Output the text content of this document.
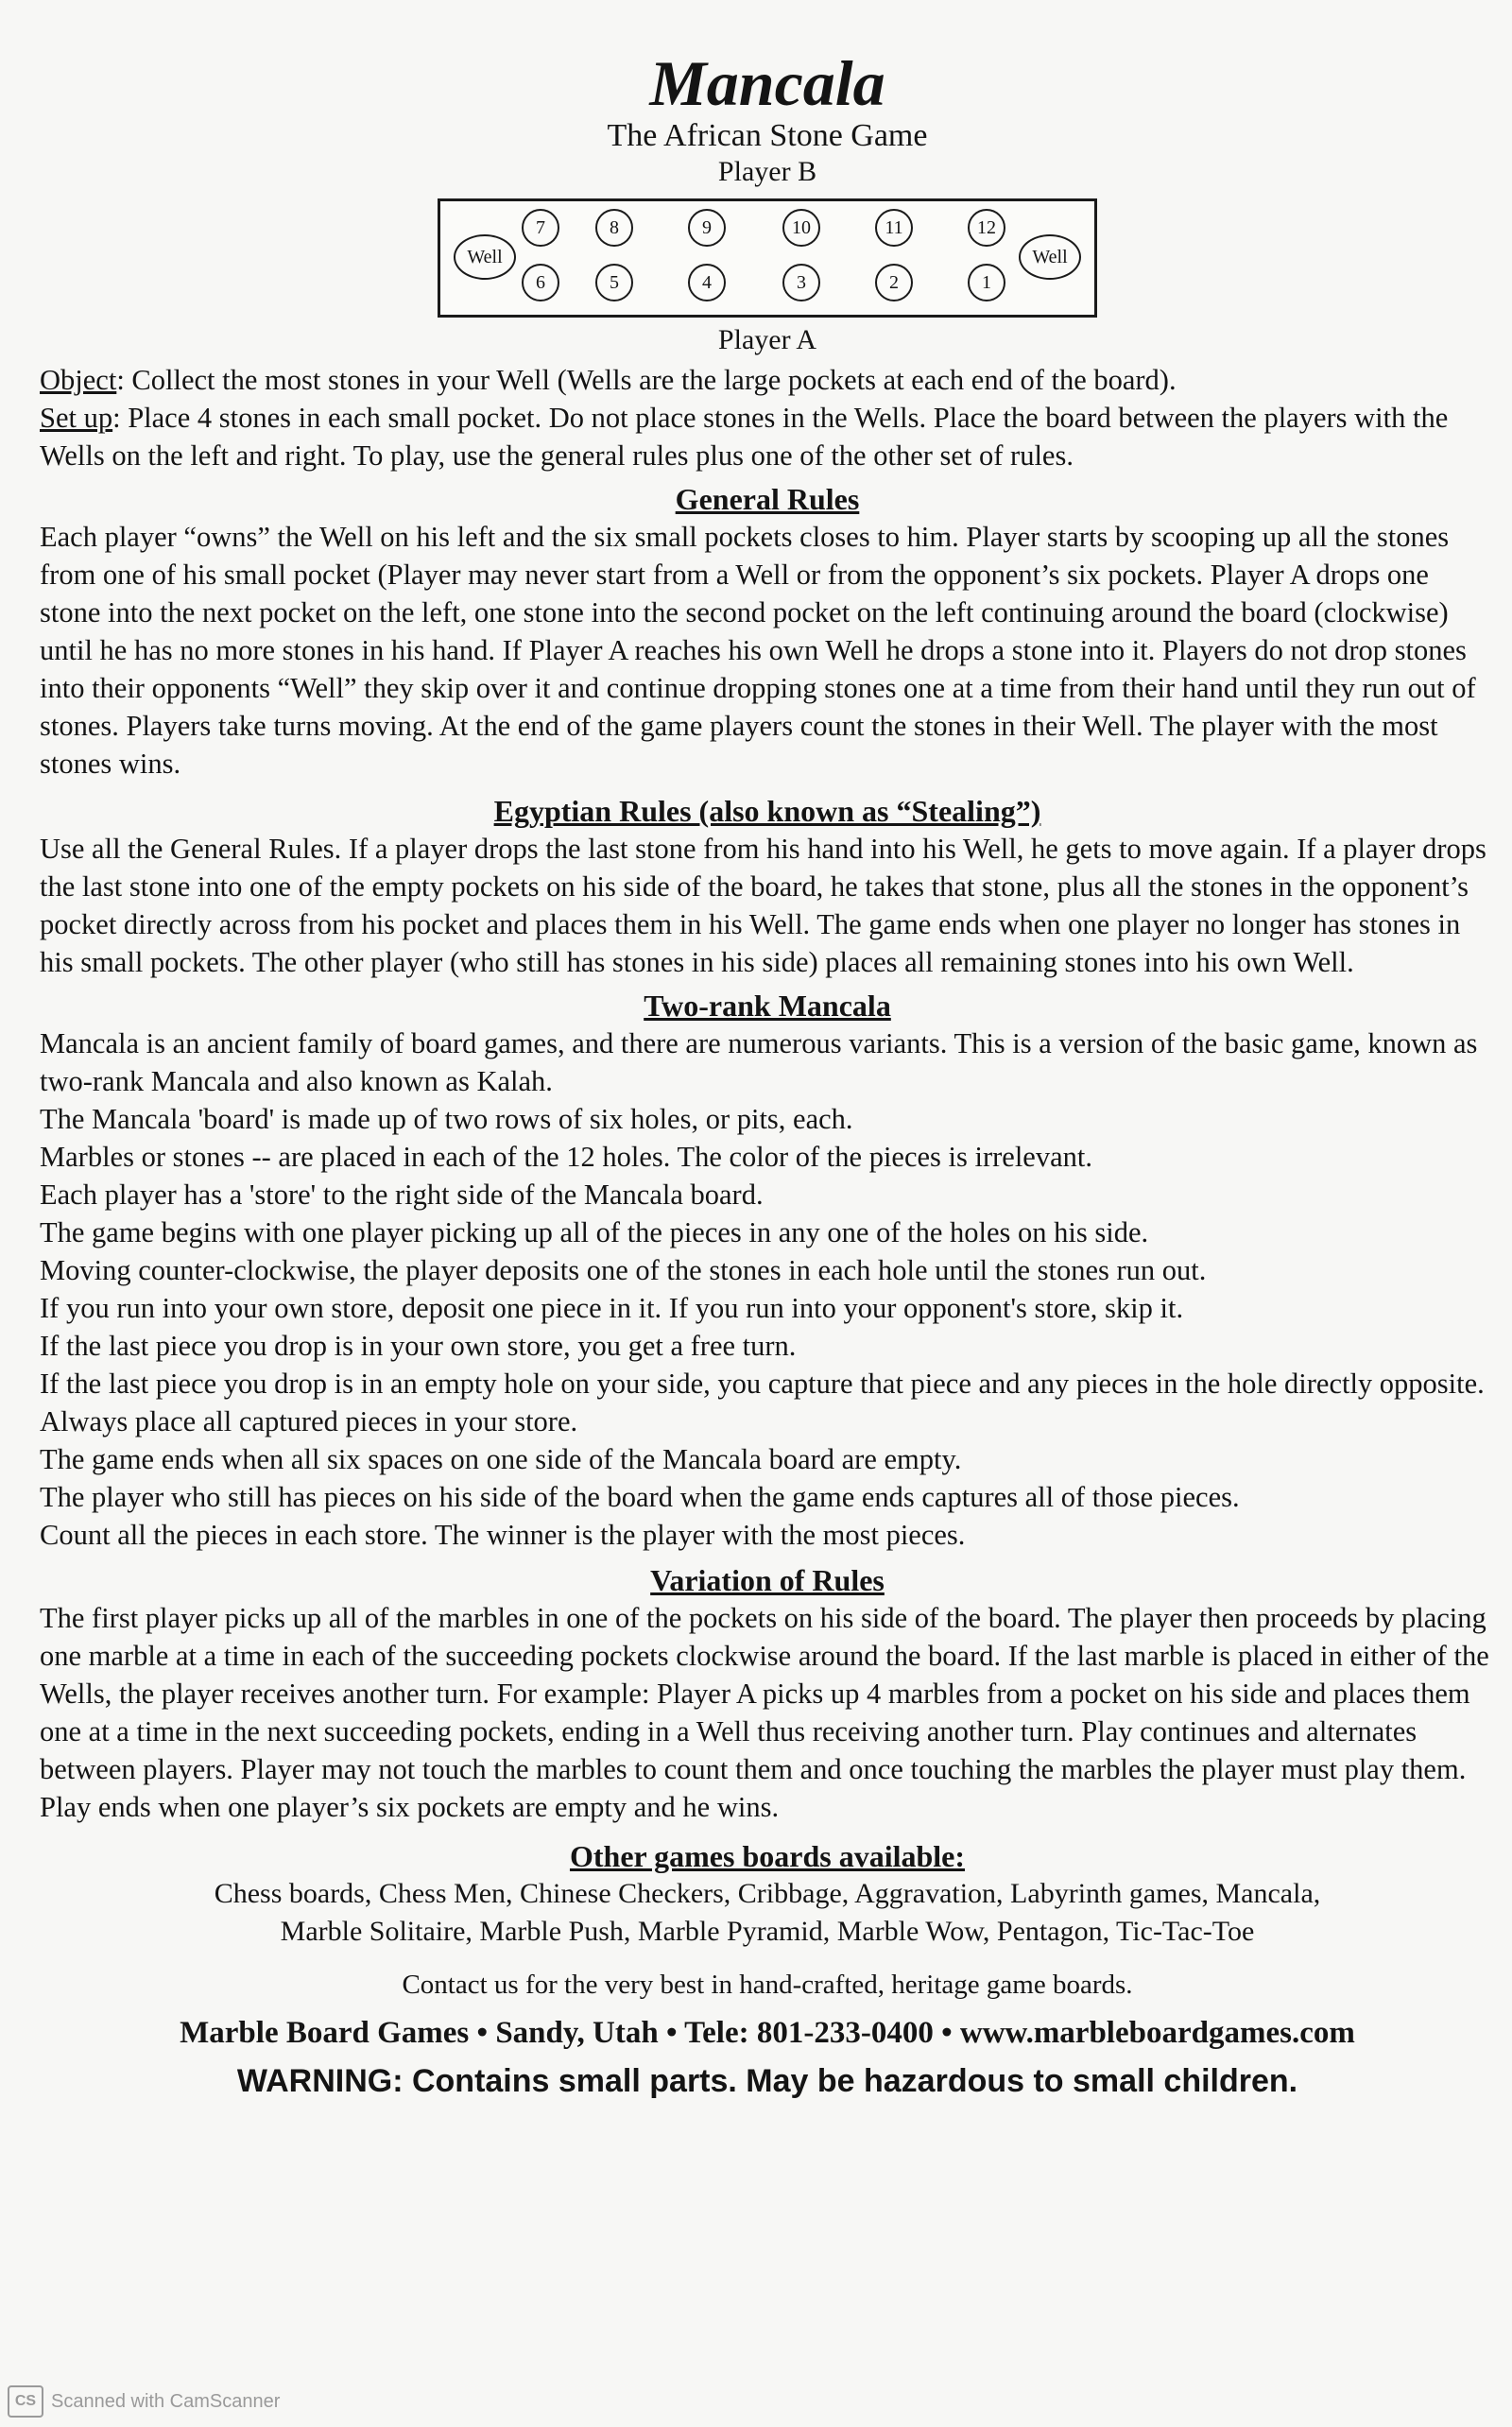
Mancala
The African Stone Game
Player B
Well	Well
7	8	9	10	11	12
6	5	4	3	2	1
Player A

Object: Collect the most stones in your Well (Wells are the large pockets at each end of the board).

Set up: Place 4 stones in each small pocket. Do not place stones in the Wells. Place the board between the players with the Wells on the left and right. To play, use the general rules plus one of the other set of rules.

General Rules

Each player “owns” the Well on his left and the six small pockets closes to him. Player starts by scooping up all the stones from one of his small pocket (Player may never start from a Well or from the opponent’s six pockets. Player A drops one stone into the next pocket on the left, one stone into the second pocket on the left continuing around the board (clockwise) until he has no more stones in his hand. If Player A reaches his own Well he drops a stone into it. Players do not drop stones into their opponents “Well” they skip over it and continue dropping stones one at a time from their hand until they run out of stones. Players take turns moving. At the end of the game players count the stones in their Well. The player with the most stones wins.

Egyptian Rules (also known as “Stealing”)

Use all the General Rules. If a player drops the last stone from his hand into his Well, he gets to move again. If a player drops the last stone into one of the empty pockets on his side of the board, he takes that stone, plus all the stones in the opponent’s pocket directly across from his pocket and places them in his Well. The game ends when one player no longer has stones in his small pockets. The other player (who still has stones in his side) places all remaining stones into his own Well.

Two-rank Mancala

Mancala is an ancient family of board games, and there are numerous variants. This is a version of the basic game, known as two-rank Mancala and also known as Kalah.

The Mancala 'board' is made up of two rows of six holes, or pits, each.

Marbles or stones -- are placed in each of the 12 holes. The color of the pieces is irrelevant.

Each player has a 'store' to the right side of the Mancala board.

The game begins with one player picking up all of the pieces in any one of the holes on his side.

Moving counter-clockwise, the player deposits one of the stones in each hole until the stones run out.

If you run into your own store, deposit one piece in it. If you run into your opponent's store, skip it.

If the last piece you drop is in your own store, you get a free turn.

If the last piece you drop is in an empty hole on your side, you capture that piece and any pieces in the hole directly opposite.

Always place all captured pieces in your store.

The game ends when all six spaces on one side of the Mancala board are empty.

The player who still has pieces on his side of the board when the game ends captures all of those pieces.

Count all the pieces in each store. The winner is the player with the most pieces.

Variation of Rules

The first player picks up all of the marbles in one of the pockets on his side of the board. The player then proceeds by placing one marble at a time in each of the succeeding pockets clockwise around the board. If the last marble is placed in either of the Wells, the player receives another turn. For example: Player A picks up 4 marbles from a pocket on his side and places them one at a time in the next succeeding pockets, ending in a Well thus receiving another turn. Play continues and alternates between players. Player may not touch the marbles to count them and once touching the marbles the player must play them. Play ends when one player’s six pockets are empty and he wins.

Other games boards available:

Chess boards, Chess Men, Chinese Checkers, Cribbage, Aggravation, Labyrinth games, Mancala,

Marble Solitaire, Marble Push, Marble Pyramid, Marble Wow, Pentagon, Tic-Tac-Toe

Contact us for the very best in hand-crafted, heritage game boards.

Marble Board Games • Sandy, Utah • Tele: 801-233-0400 • www.marbleboardgames.com

WARNING: Contains small parts. May be hazardous to small children.

CS Scanned with CamScanner
